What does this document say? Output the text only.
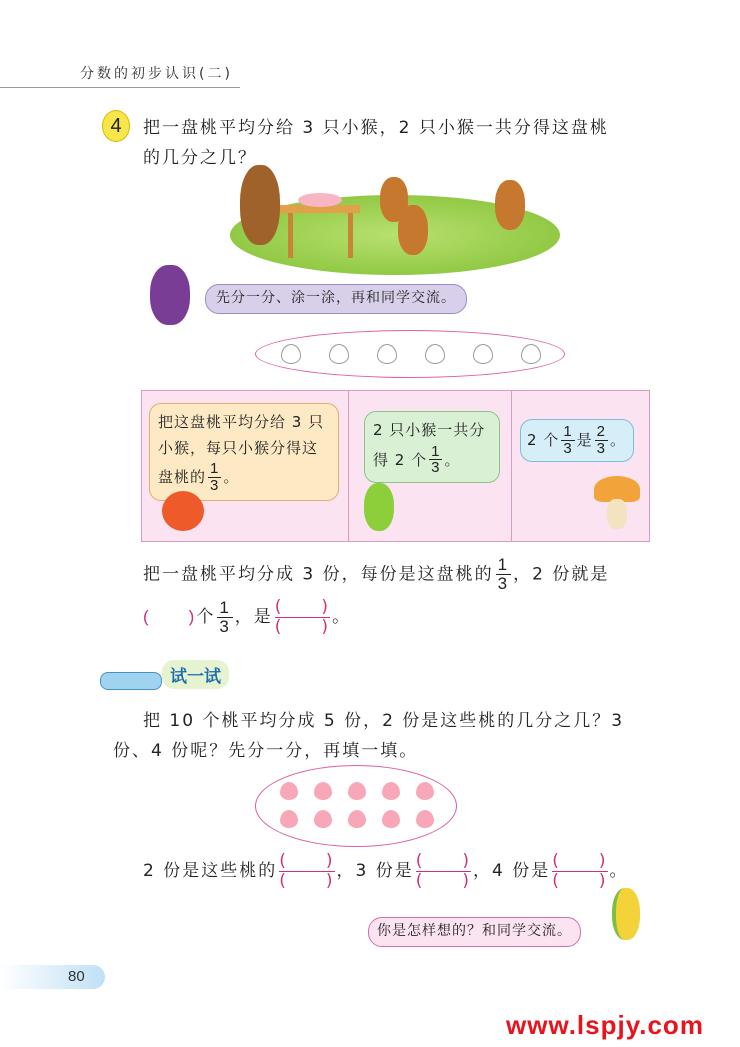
分数的初步认识(二)
4	把一盘桃平均分给 3 只小猴，2 只小猴一共分得这盘桃
的几分之几？
先分一分、涂一涂，再和同学交流。
把这盘桃平均分给 3 只
小猴，每只小猴分得这
盘桃的 $\frac{1}{3}$ 。
2 只小猴一共分
得 2 个 $\frac{1}{3}$ 。
2 个 $\frac{1}{3}$ 是 $\frac{2}{3}$ 。
把一盘桃平均分成 3 份，每份是这盘桃的 $\frac{1}{3}$ ，2 份就是
(　　)个 $\frac{1}{3}$ ，是
(　　)
(　　) 。
试一试
把 10 个桃平均分成 5 份，2 份是这些桃的几分之几？3
份、4 份呢？先分一分，再填一填。
2 份是这些桃的
(　　)
(　　) ，3 份是
(　　)
(　　) ，4 份是
(　　)
(　　) 。
你是怎样想的？和同学交流。
80
www.lspjy.com
